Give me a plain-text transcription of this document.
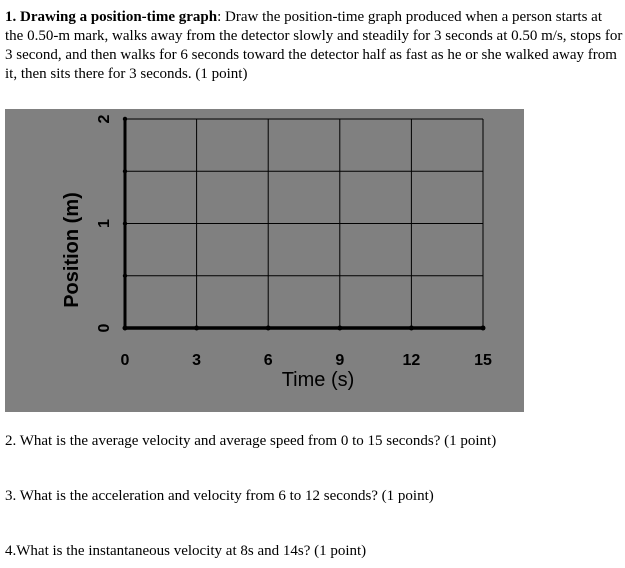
1. Drawing a position-time graph: Draw the position-time graph produced when a person starts at the 0.50-m mark, walks away from the detector slowly and steadily for 3 seconds at 0.50 m/s, stops for 3 second, and then walks for 6 seconds toward the detector half as fast as he or she walked away from it, then sits there for 3 seconds. (1 point)

0	3	6	9	12	15
0
1
2
Time (s)
Position (m)

2. What is the average velocity and average speed from 0 to 15 seconds? (1 point)

3. What is the acceleration and velocity from 6 to 12 seconds? (1 point)

4.What is the instantaneous velocity at 8s and 14s? (1 point)
